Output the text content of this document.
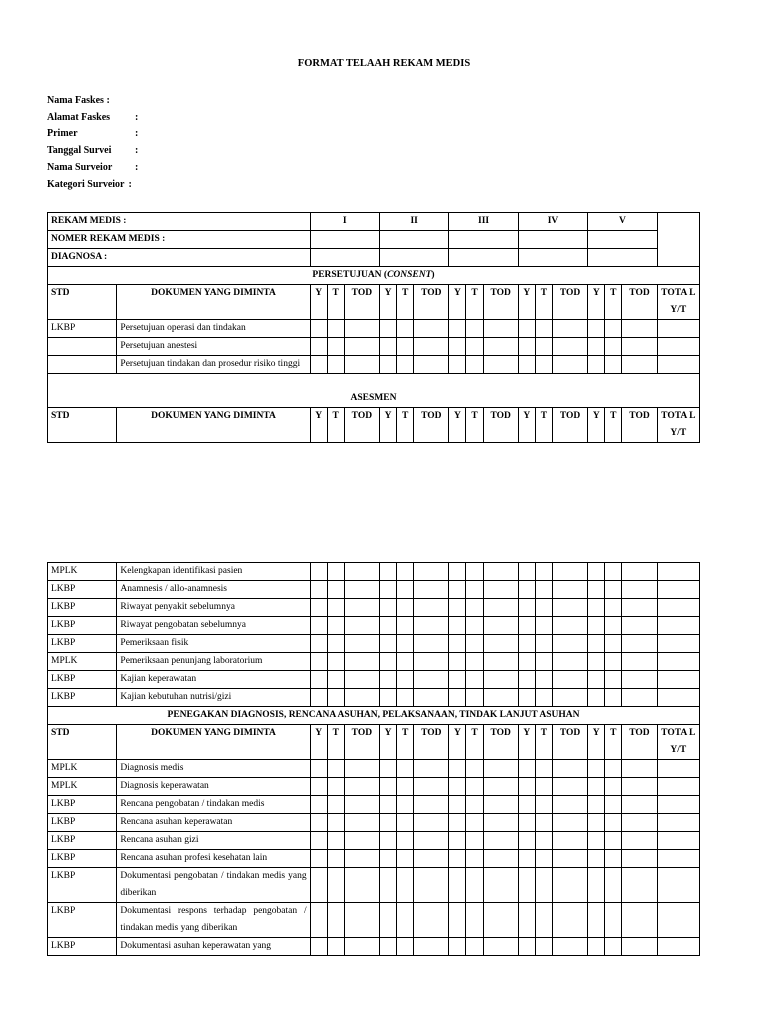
FORMAT TELAAH REKAM MEDIS
Nama Faskes :
Alamat Faskes	:
Primer	:
Tanggal Survei	:
Nama Surveior	:
Kategori Surveior :
REKAM MEDIS :		I			II			III			IV			V			
NOMER REKAM MEDIS :																	
DIAGNOSA :																	
PERSETUJUAN (CONSENT)																	
STD	DOKUMEN YANG DIMINTA	Y	T	TOD	Y	T	TOD	Y	T	TOD	Y	T	TOD	Y	T	TOD	TOTA L Y/T
LKBP	Persetujuan operasi dan tindakan																
	Persetujuan anestesi																
	Persetujuan tindakan dan prosedur risiko tinggi																
ASESMEN																	
STD	DOKUMEN YANG DIMINTA	Y	T	TOD	Y	T	TOD	Y	T	TOD	Y	T	TOD	Y	T	TOD	TOTA L Y/T
MPLK	Kelengkapan identifikasi pasien																
LKBP	Anamnesis / allo-anamnesis																
LKBP	Riwayat penyakit sebelumnya																
LKBP	Riwayat pengobatan sebelumnya																
LKBP	Pemeriksaan fisik																
MPLK	Pemeriksaan penunjang laboratorium																
LKBP	Kajian keperawatan																
LKBP	Kajian kebutuhan nutrisi/gizi																
PENEGAKAN DIAGNOSIS, RENCANA ASUHAN, PELAKSANAAN, TINDAK LANJUT ASUHAN																	
STD	DOKUMEN YANG DIMINTA	Y	T	TOD	Y	T	TOD	Y	T	TOD	Y	T	TOD	Y	T	TOD	TOTA L Y/T
MPLK	Diagnosis medis																
MPLK	Diagnosis keperawatan																
LKBP	Rencana pengobatan / tindakan medis																
LKBP	Rencana asuhan keperawatan																
LKBP	Rencana asuhan gizi																
LKBP	Rencana asuhan profesi kesehatan lain																
LKBP	Dokumentasi pengobatan / tindakan medis yang diberikan																
LKBP	Dokumentasi respons terhadap pengobatan / tindakan medis yang diberikan																
LKBP	Dokumentasi asuhan keperawatan yang																
